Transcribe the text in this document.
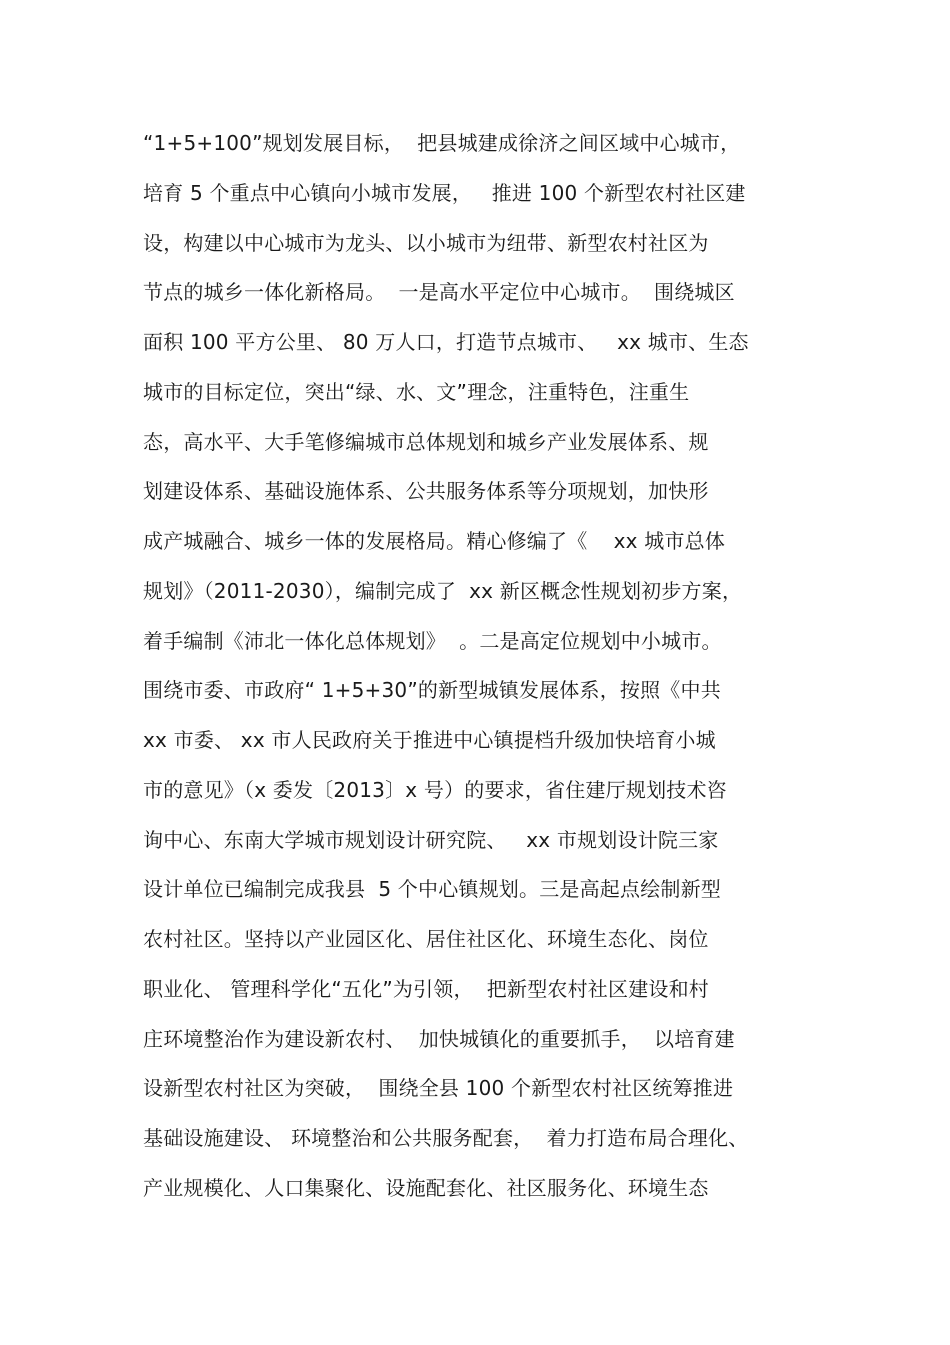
“1+5+100”规划发展目标，  把县城建成徐济之间区域中心城市，
培育 5 个重点中心镇向小城市发展，   推进 100 个新型农村社区建
设，构建以中心城市为龙头、以小城市为纽带、新型农村社区为
节点的城乡一体化新格局。  一是高水平定位中心城市。  围绕城区
面积 100 平方公里、 80 万人口，打造节点城市、   xx 城市、生态
城市的目标定位，突出“绿、水、文”理念，注重特色，注重生
态，高水平、大手笔修编城市总体规划和城乡产业发展体系、规
划建设体系、基础设施体系、公共服务体系等分项规划，加快形
成产城融合、城乡一体的发展格局。精心修编了《    xx 城市总体
规划》（2011-2030），编制完成了  xx 新区概念性规划初步方案，
着手编制《沛北一体化总体规划》  。二是高定位规划中小城市。
围绕市委、市政府“ 1+5+30”的新型城镇发展体系，按照《中共
xx 市委、 xx 市人民政府关于推进中心镇提档升级加快培育小城
市的意见》（x 委发〔2013〕x 号）的要求，省住建厅规划技术咨
询中心、东南大学城市规划设计研究院、   xx 市规划设计院三家
设计单位已编制完成我县  5 个中心镇规划。三是高起点绘制新型
农村社区。坚持以产业园区化、居住社区化、环境生态化、岗位
职业化、 管理科学化“五化”为引领，  把新型农村社区建设和村
庄环境整治作为建设新农村、  加快城镇化的重要抓手，  以培育建
设新型农村社区为突破，  围绕全县 100 个新型农村社区统筹推进
基础设施建设、 环境整治和公共服务配套，  着力打造布局合理化、
产业规模化、人口集聚化、设施配套化、社区服务化、环境生态
